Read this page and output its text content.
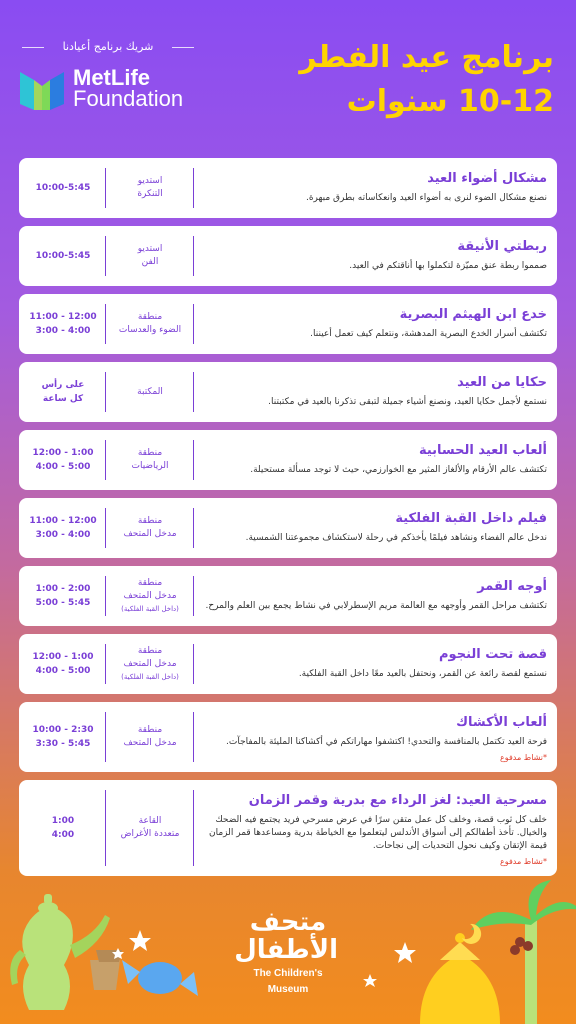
شريك برنامج أعيادنا
MetLife
Foundation
برنامج عيد الفطر
10-12 سنوات
مشكال أضواء العيد
نصنع مشكال الضوء لنرى به أضواء العيد وانعكاساته بطرق مبهرة.
استديو
التنكرة
10:00-5:45
ربطتي الأنيقة
صمموا ربطة عنق مميّزة لتكملوا بها أناقتكم في العيد.
استديو
الفن
10:00-5:45
خدع ابن الهيثم البصرية
تكتشف أسرار الخدع البصرية المدهشة، ونتعلم كيف تعمل أعيننا.
منطقة
الضوء والعدسات
11:00 - 12:00
3:00 - 4:00
حكايا من العيد
نستمع لأجمل حكايا العيد، ونصنع أشياء جميلة لتبقى تذكرنا بالعيد في مكتبتنا.
المكتبة
على رأس
كل ساعة
ألعاب العيد الحسابية
تكتشف عالم الأرقام والألغاز المثير مع الخوارزمي، حيث لا توجد مسألة مستحيلة.
منطقة
الرياضيات
12:00 - 1:00
4:00 - 5:00
فيلم داخل القبة الفلكية
ندخل عالم الفضاء ونشاهد فيلمًا يأخذكم في رحلة لاستكشاف مجموعتنا الشمسية.
منطقة
مدخل المتحف
11:00 - 12:00
3:00 - 4:00
أوجه القمر
تكتشف مراحل القمر وأوجهه مع العالمة مريم الإسطرلابي في نشاط يجمع بين العلم والمرح.
منطقة
مدخل المتحف
(داخل القبة الفلكية)
1:00 - 2:00
5:00 - 5:45
قصة تحت النجوم
نستمع لقصة رائعة عن القمر، ونحتفل بالعيد معًا داخل القبة الفلكية.
منطقة
مدخل المتحف
(داخل القبة الفلكية)
12:00 - 1:00
4:00 - 5:00
ألعاب الأكشاك
فرحة العيد تكتمل بالمنافسة والتحدي! اكتشفوا مهاراتكم في أكشاكنا المليئة بالمفاجآت.
*نشاط مدفوع
منطقة
مدخل المتحف
10:00 - 2:30
3:30 - 5:45
مسرحية العيد: لغز الرداء مع بدرية وقمر الزمان
خلف كل ثوب قصة، وخلف كل عمل متقن سرًا في عرض مسرحي فريد يجتمع فيه الضحك والخيال. تأخذ أطفالكم إلى أسواق الأندلس ليتعلموا مع الخياطة بدرية ومساعدها قمر الزمان قيمة الإتقان وكيف نحول التحديات إلى نجاحات.
*نشاط مدفوع
القاعة
متعددة الأغراض
1:00
4:00
متحف الأطفال
The Children's
Museum
